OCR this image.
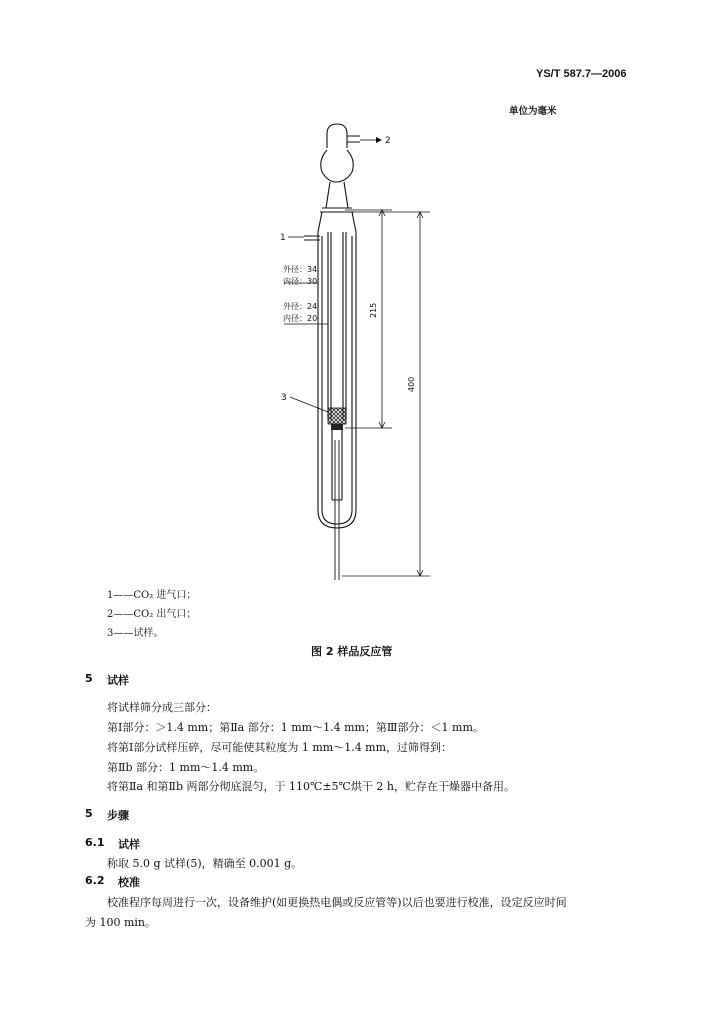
YS/T 587.7—2006
单位为毫米
1
2
3
外径：34
内径：30
外径：24
内径：20
215
400
1——CO₂ 进气口；
2——CO₂ 出气口；
3——试样。
图 2 样品反应管
5 试样
将试样筛分成三部分：
第Ⅰ部分：＞1.4 mm；第Ⅱa 部分：1 mm～1.4 mm；第Ⅲ部分：＜1 mm。
将第Ⅰ部分试样压碎，尽可能使其粒度为 1 mm～1.4 mm，过筛得到：
第Ⅱb 部分：1 mm～1.4 mm。
将第Ⅱa 和第Ⅱb 两部分彻底混匀，于 110℃±5℃烘干 2 h，贮存在干燥器中备用。
5 步骤
6.1 试样
称取 5.0 g 试样(5)，精确至 0.001 g。
6.2 校准
校准程序每周进行一次，设备维护(如更换热电偶或反应管等)以后也要进行校准，设定反应时间
为 100 min。
